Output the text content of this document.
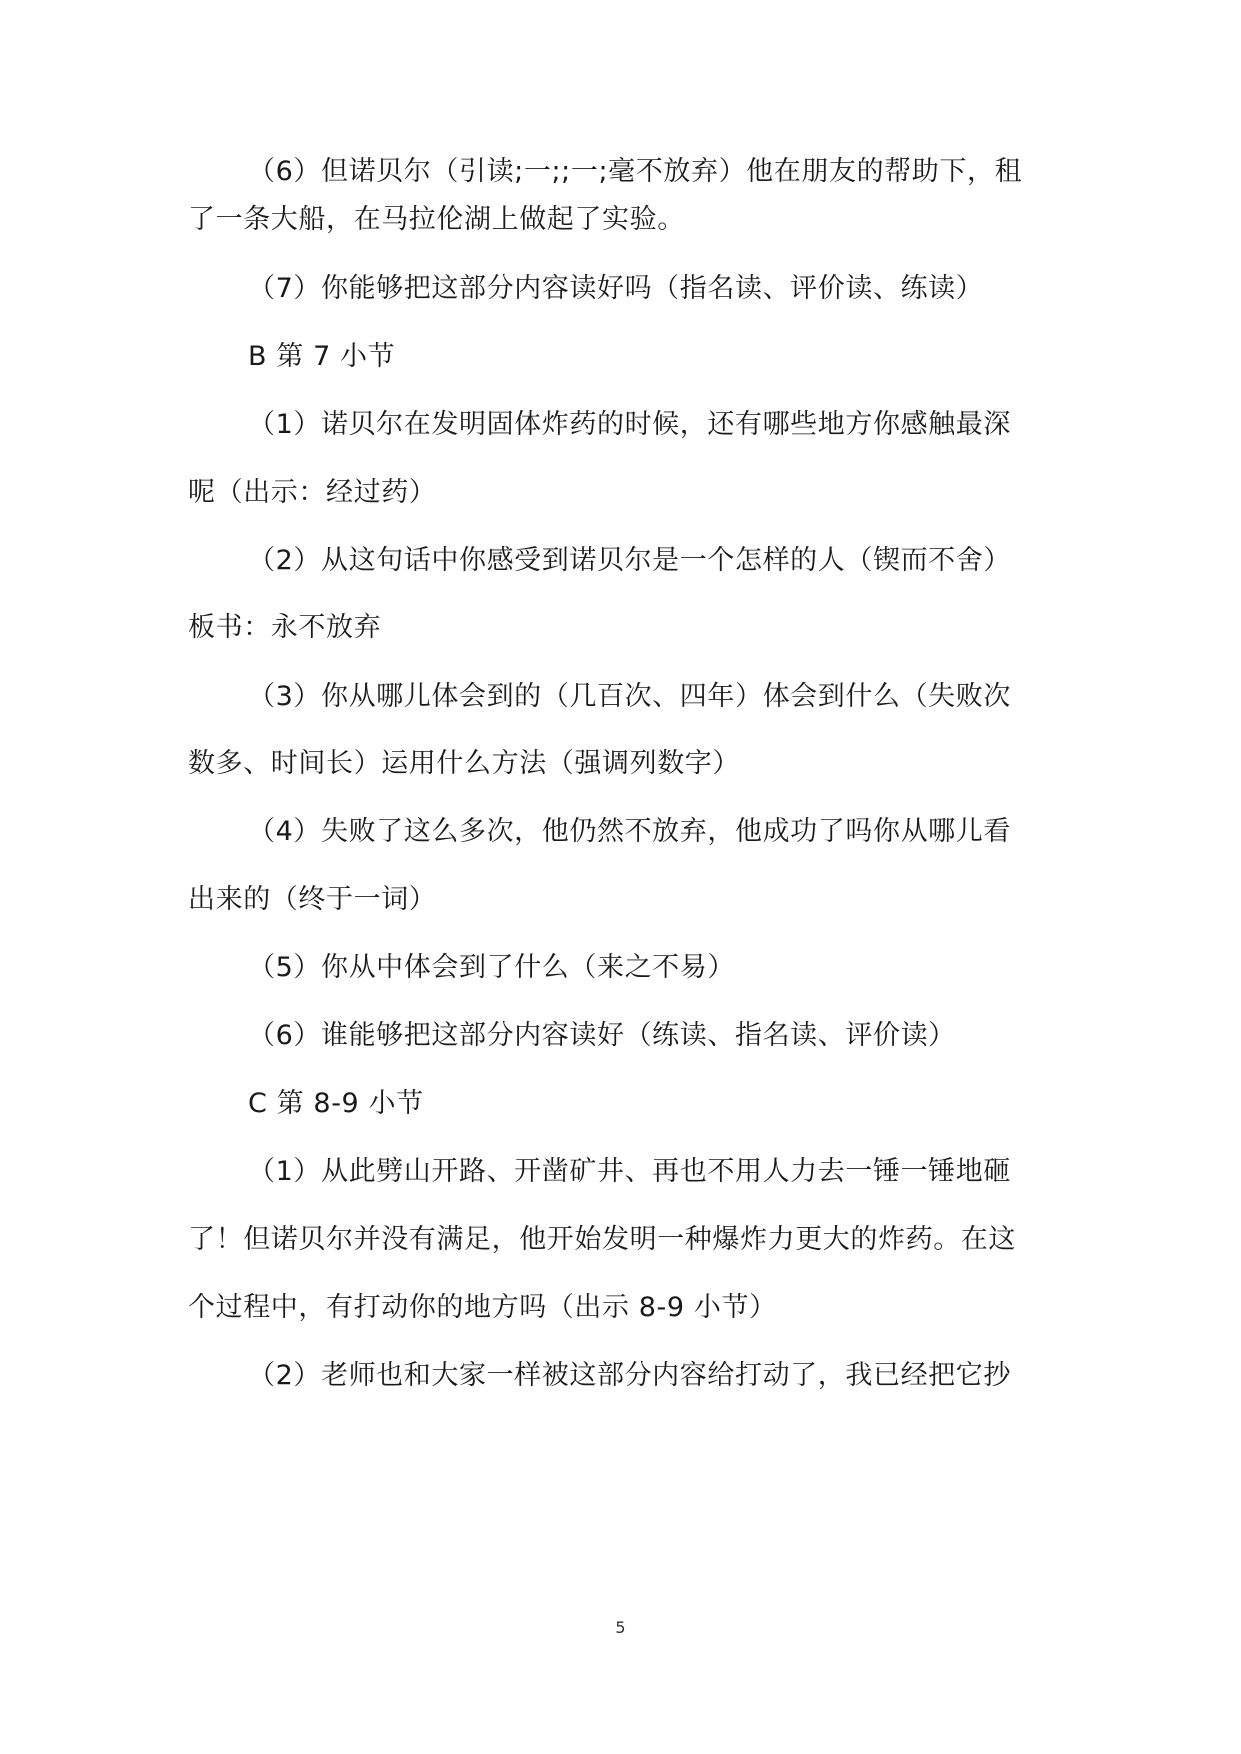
（6）但诺贝尔（引读;一;;一;毫不放弃）他在朋友的帮助下，租
了一条大船，在马拉伦湖上做起了实验。
（7）你能够把这部分内容读好吗（指名读、评价读、练读）
B 第 7 小节
（1）诺贝尔在发明固体炸药的时候，还有哪些地方你感触最深
呢（出示：经过药）
（2）从这句话中你感受到诺贝尔是一个怎样的人（锲而不舍）
板书：永不放弃
（3）你从哪儿体会到的（几百次、四年）体会到什么（失败次
数多、时间长）运用什么方法（强调列数字）
（4）失败了这么多次，他仍然不放弃，他成功了吗你从哪儿看
出来的（终于一词）
（5）你从中体会到了什么（来之不易）
（6）谁能够把这部分内容读好（练读、指名读、评价读）
C 第 8-9 小节
（1）从此劈山开路、开凿矿井、再也不用人力去一锤一锤地砸
了！但诺贝尔并没有满足，他开始发明一种爆炸力更大的炸药。在这
个过程中，有打动你的地方吗（出示 8-9 小节）
（2）老师也和大家一样被这部分内容给打动了，我已经把它抄
5
